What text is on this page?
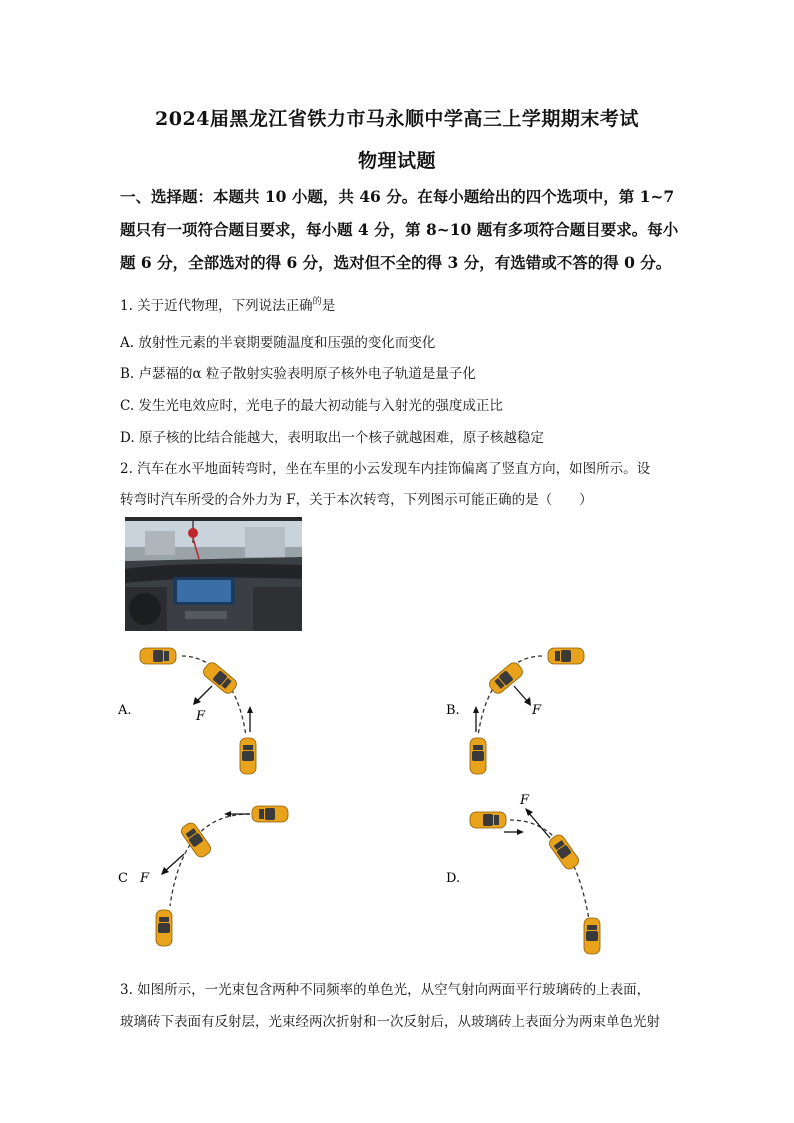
2024届黑龙江省铁力市马永顺中学高三上学期期末考试
物理试题
一、选择题：本题共 10 小题，共 46 分。在每小题给出的四个选项中，第 1~7
题只有一项符合题目要求，每小题 4 分，第 8~10 题有多项符合题目要求。每小
题 6 分，全部选对的得 6 分，选对但不全的得 3 分，有选错或不答的得 0 分。
1. 关于近代物理，下列说法正确$^的$是
A. 放射性元素的半衰期要随温度和压强的变化而变化
B. 卢瑟福的α 粒子散射实验表明原子核外电子轨道是量子化
C. 发生光电效应时，光电子的最大初动能与入射光的强度成正比
D. 原子核的比结合能越大，表明取出一个核子就越困难，原子核越稳定
2. 汽车在水平地面转弯时，坐在车里的小云发现车内挂饰偏离了竖直方向，如图所示。设
转弯时汽车所受的合外力为 F，关于本次转弯，下列图示可能正确的是（　　）
F
A.	F
B.
F
C
F
D.
3. 如图所示，一光束包含两种不同频率的单色光，从空气射向两面平行玻璃砖的上表面，
玻璃砖下表面有反射层，光束经两次折射和一次反射后，从玻璃砖上表面分为两束单色光射
